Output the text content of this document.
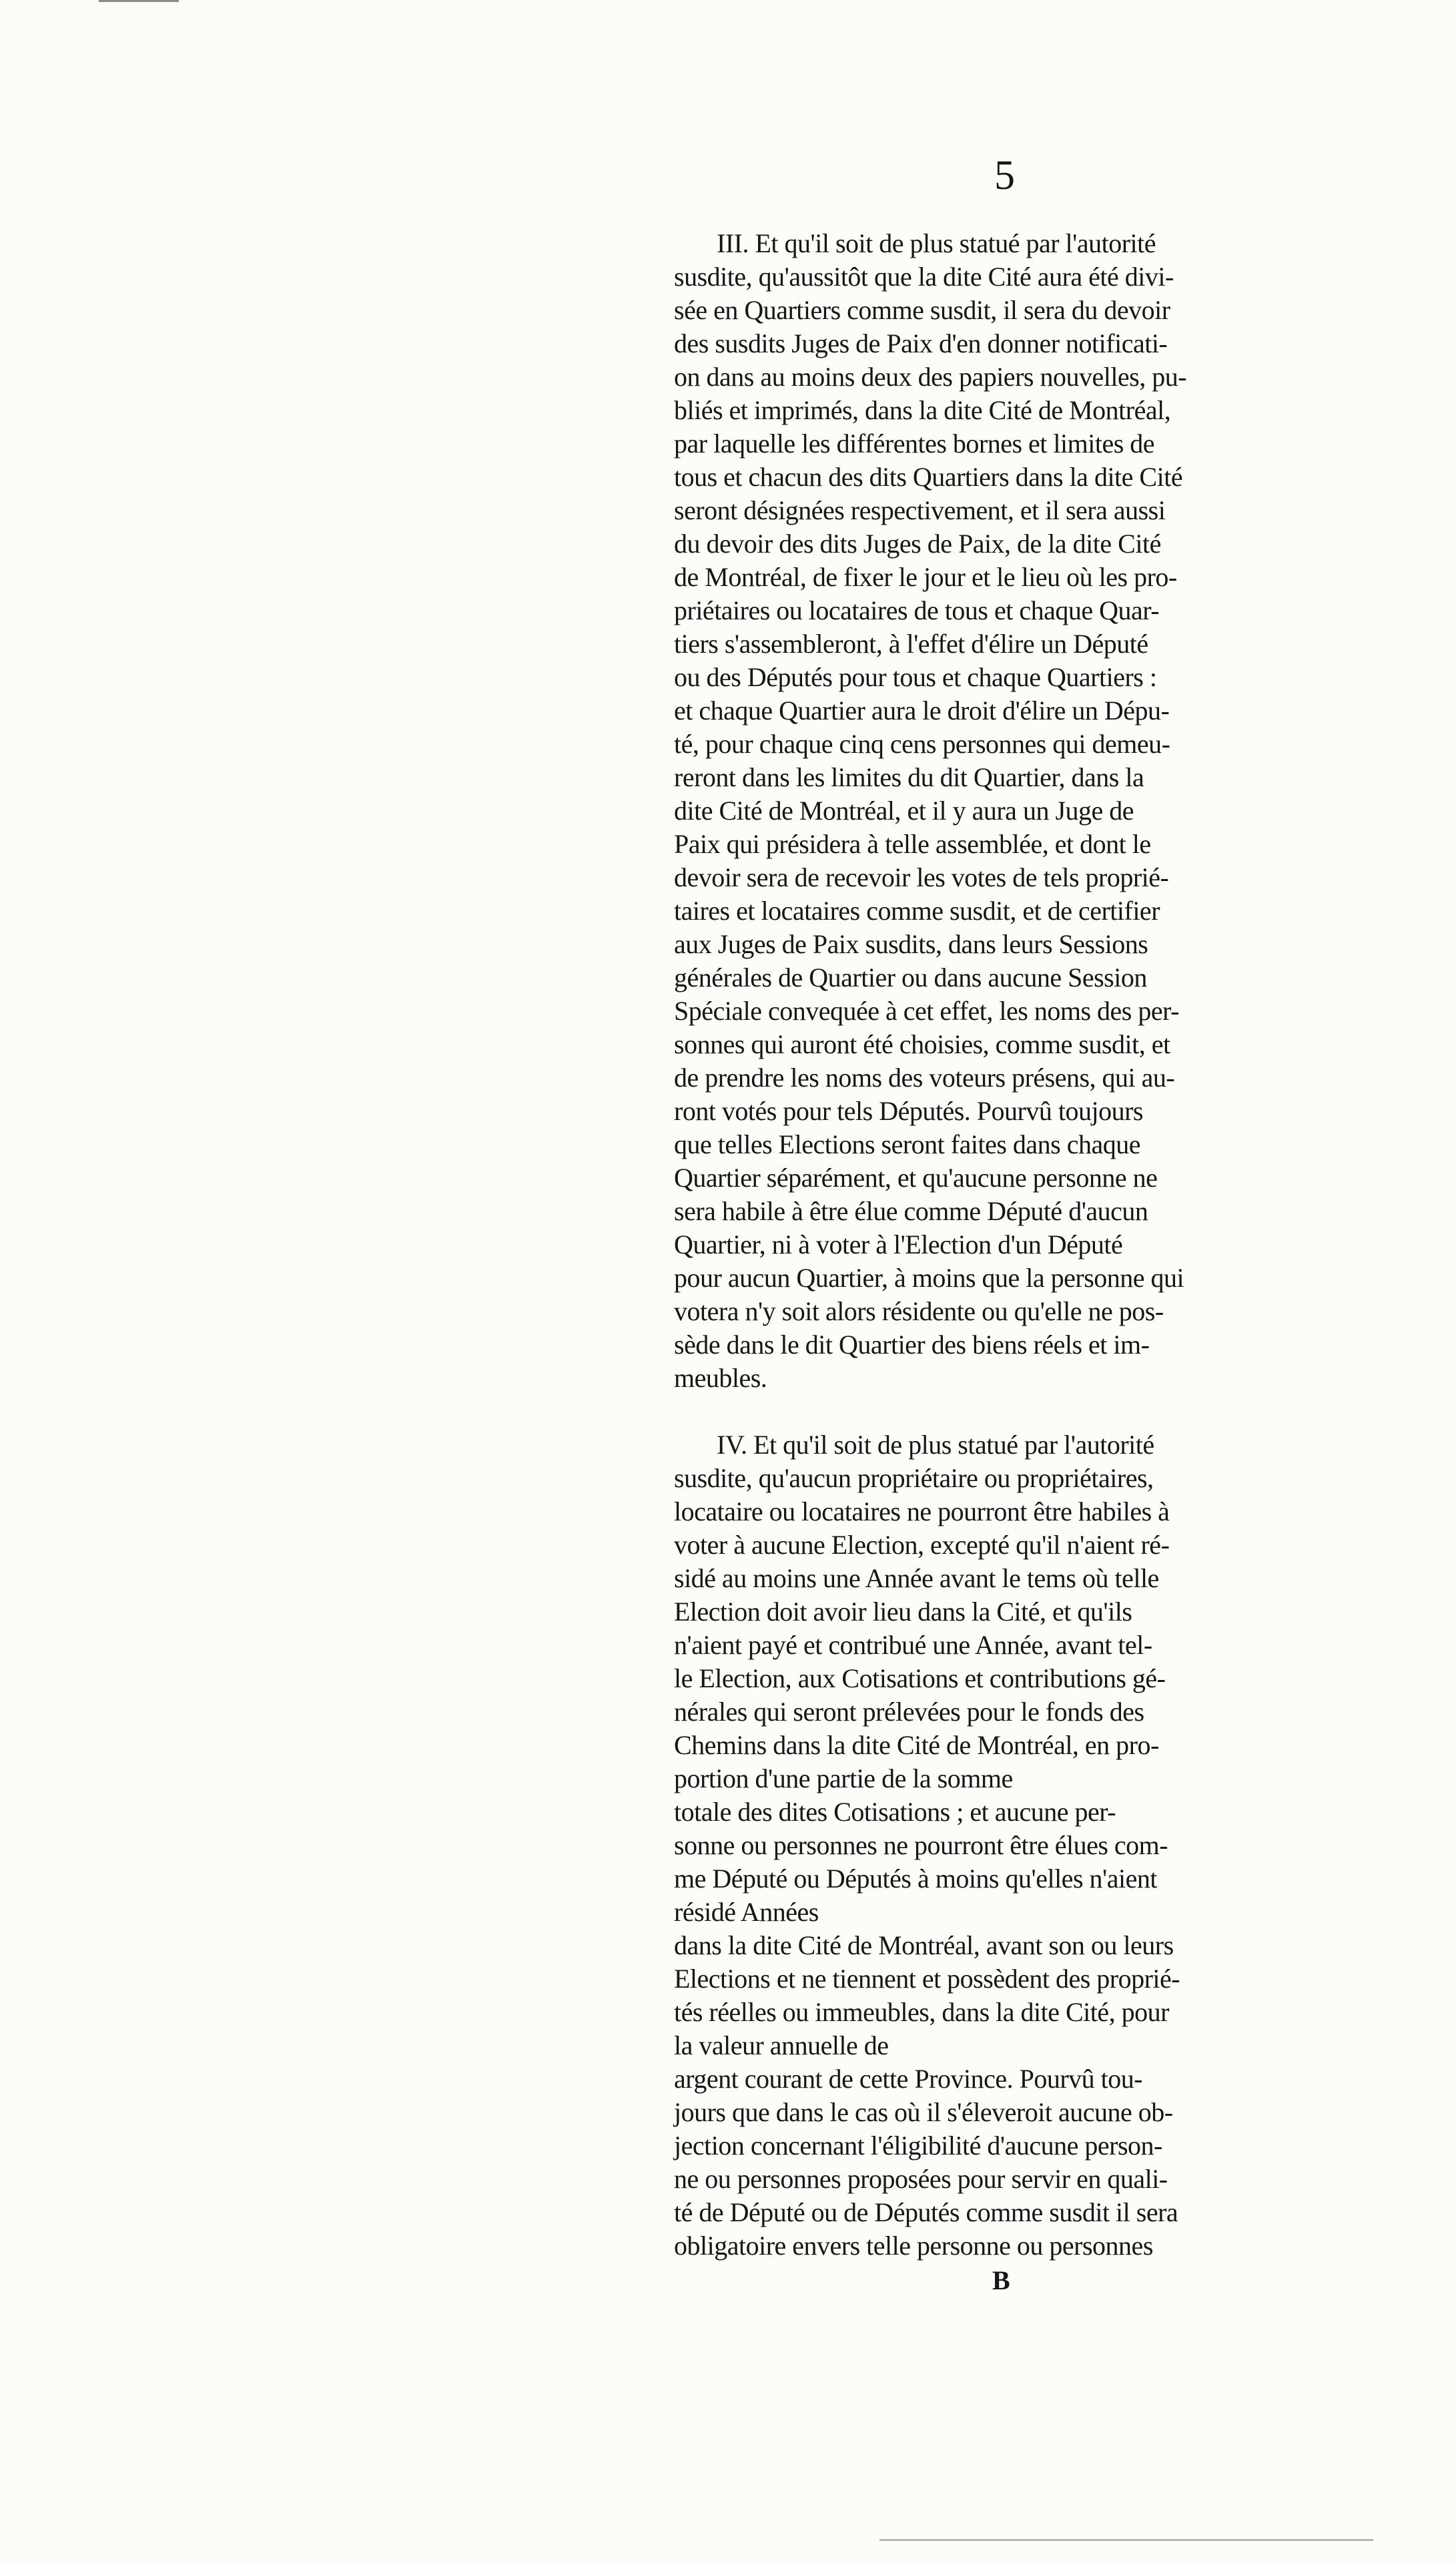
5
III. Et qu'il soit de plus statué par l'autorité
susdite, qu'aussitôt que la dite Cité aura été divi-
sée en Quartiers comme susdit, il sera du devoir
des susdits Juges de Paix d'en donner notificati-
on dans au moins deux des papiers nouvelles, pu-
bliés et imprimés, dans la dite Cité de Montréal,
par laquelle les différentes bornes et limites de
tous et chacun des dits Quartiers dans la dite Cité
seront désignées respectivement, et il sera aussi
du devoir des dits Juges de Paix, de la dite Cité
de Montréal, de fixer le jour et le lieu où les pro-
priétaires ou locataires de tous et chaque Quar-
tiers s'assembleront, à l'effet d'élire un Député
ou des Députés pour tous et chaque Quartiers :
et chaque Quartier aura le droit d'élire un Dépu-
té, pour chaque cinq cens personnes qui demeu-
reront dans les limites du dit Quartier, dans la
dite Cité de Montréal, et il y aura un Juge de
Paix qui présidera à telle assemblée, et dont le
devoir sera de recevoir les votes de tels proprié-
taires et locataires comme susdit, et de certifier
aux Juges de Paix susdits, dans leurs Sessions
générales de Quartier ou dans aucune Session
Spéciale convequée à cet effet, les noms des per-
sonnes qui auront été choisies, comme susdit, et
de prendre les noms des voteurs présens, qui au-
ront votés pour tels Députés. Pourvû toujours
que telles Elections seront faites dans chaque
Quartier séparément, et qu'aucune personne ne
sera habile à être élue comme Député d'aucun
Quartier, ni à voter à l'Election d'un Député
pour aucun Quartier, à moins que la personne qui
votera n'y soit alors résidente ou qu'elle ne pos-
sède dans le dit Quartier des biens réels et im-
meubles.
IV. Et qu'il soit de plus statué par l'autorité
susdite, qu'aucun propriétaire ou propriétaires,
locataire ou locataires ne pourront être habiles à
voter à aucune Election, excepté qu'il n'aient ré-
sidé au moins une Année avant le tems où telle
Election doit avoir lieu dans la Cité, et qu'ils
n'aient payé et contribué une Année, avant tel-
le Election, aux Cotisations et contributions gé-
nérales qui seront prélevées pour le fonds des
Chemins dans la dite Cité de Montréal, en pro-
portion d'une partie de la somme
totale des dites Cotisations ; et aucune per-
sonne ou personnes ne pourront être élues com-
me Député ou Députés à moins qu'elles n'aient
résidé Années
dans la dite Cité de Montréal, avant son ou leurs
Elections et ne tiennent et possèdent des proprié-
tés réelles ou immeubles, dans la dite Cité, pour
la valeur annuelle de
argent courant de cette Province. Pourvû tou-
jours que dans le cas où il s'éleveroit aucune ob-
jection concernant l'éligibilité d'aucune person-
ne ou personnes proposées pour servir en quali-
té de Député ou de Députés comme susdit il sera
obligatoire envers telle personne ou personnes
B
